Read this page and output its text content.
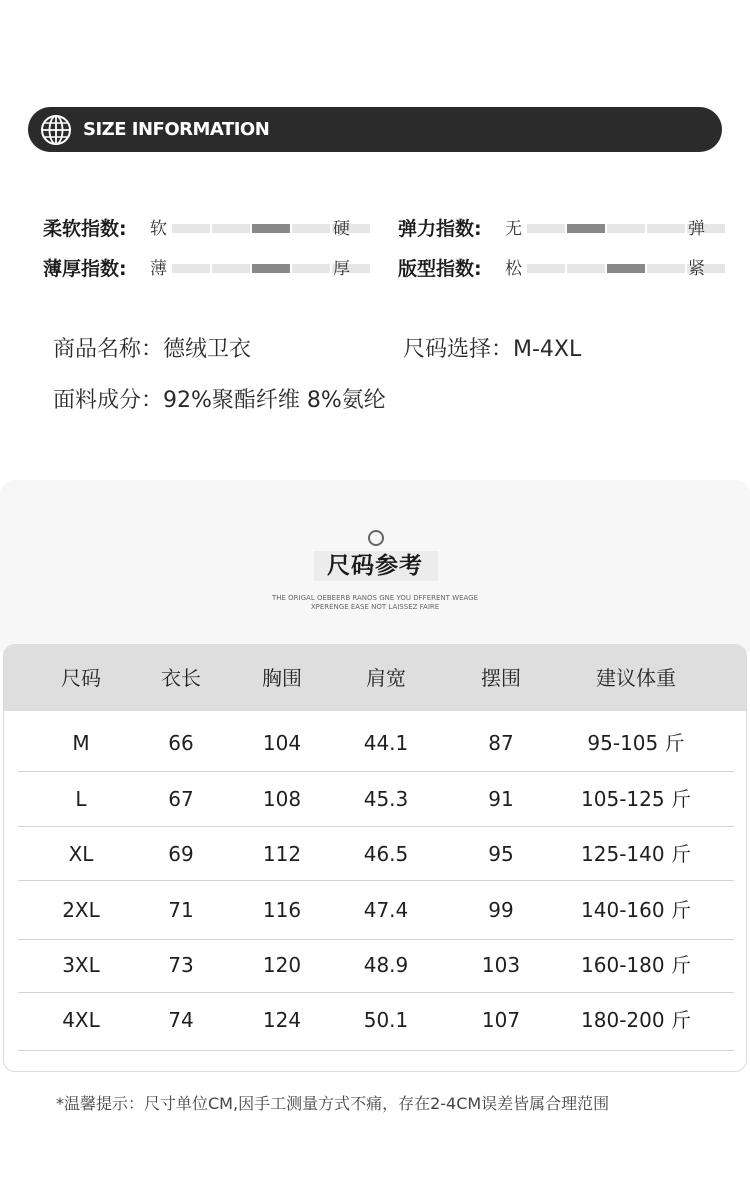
SIZE INFORMATION
柔软指数: 软	硬	弹力指数: 无	弹
薄厚指数: 薄	厚	版型指数: 松	紧
商品名称：德绒卫衣	尺码选择：M-4XL
面料成分：92%聚酯纤维 8%氨纶
尺码参考
THE ORIGAL OEBEERB RANOS GNE YOU DFFERENT WEAGE
XPERENGE EASE NOT LAISSEZ FAIRE
尺码	衣长	胸围	肩宽	摆围	建议体重
M	66	104	44.1	87	95-105 斤
L	67	108	45.3	91	105-125 斤
XL	69	112	46.5	95	125-140 斤
2XL	71	116	47.4	99	140-160 斤
3XL	73	120	48.9	103	160-180 斤
4XL	74	124	50.1	107	180-200 斤
*温馨提示：尺寸单位CM,因手工测量方式不痛，存在2-4CM误差皆属合理范围
